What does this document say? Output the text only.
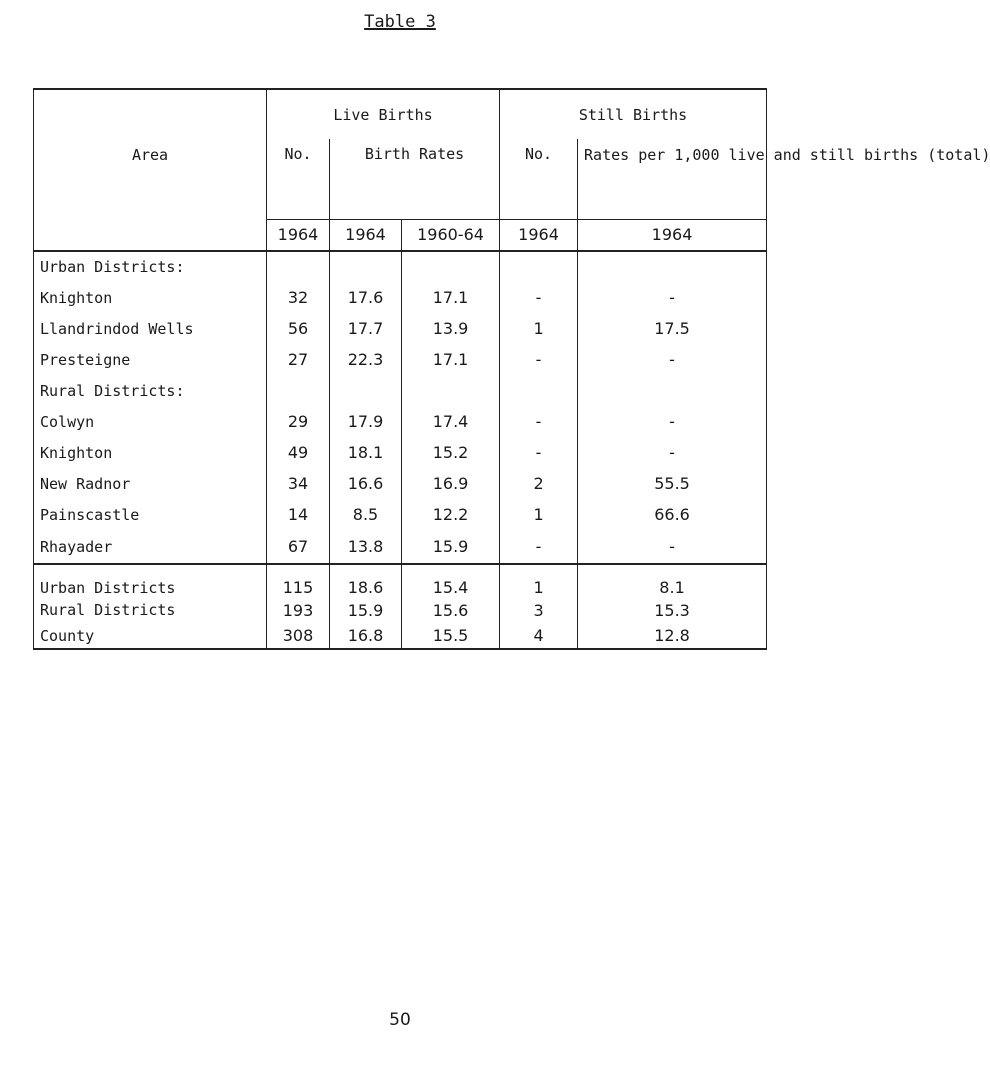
Table 3
Area	Live Births			Still Births	
	No.	Birth Rates		No.	Rates per 1,000 live and still births (total)
	1964	1964	1960-64	1964	1964
Urban Districts:					
Knighton	32	17.6	17.1	-	-
Llandrindod Wells	56	17.7	13.9	1	17.5
Presteigne	27	22.3	17.1	-	-
Rural Districts:					
Colwyn	29	17.9	17.4	-	-
Knighton	49	18.1	15.2	-	-
New Radnor	34	16.6	16.9	2	55.5
Painscastle	14	8.5	12.2	1	66.6
Rhayader	67	13.8	15.9	-	-
Urban Districts	115	18.6	15.4	1	8.1
Rural Districts	193	15.9	15.6	3	15.3
County	308	16.8	15.5	4	12.8
50
